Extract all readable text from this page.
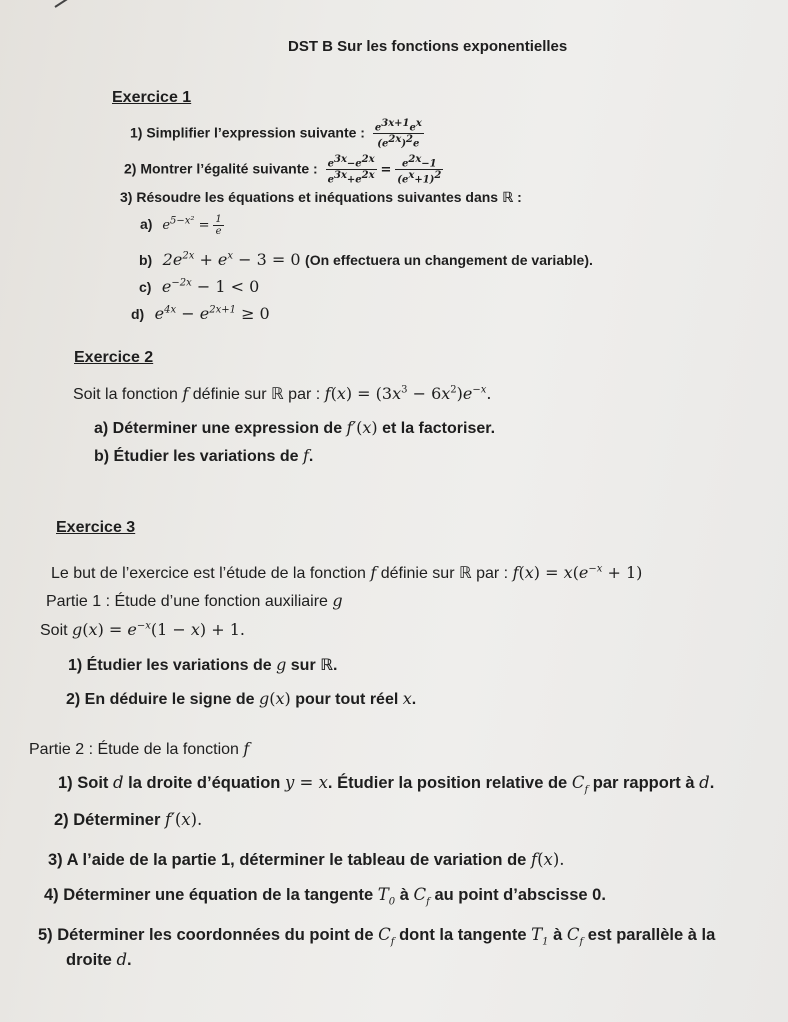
DST B Sur les fonctions exponentielles
Exercice 1
1) Simplifier l’expression suivante : $\frac{e^{3x+1}e^x}{(e^{2x})^2e}$
2) Montrer l’égalité suivante : $\frac{e^{3x}-e^{2x}}{e^{3x}+e^{2x}} = \frac{e^{2x}-1}{(e^x+1)^2}$
3) Résoudre les équations et inéquations suivantes dans ℝ :
a) $e^{5-x^2} = \frac{1}{e}$
b) $2e^{2x} + e^x - 3 = 0$ (On effectuera un changement de variable).
c) $e^{-2x} - 1 < 0$
d) $e^{4x} - e^{2x+1} \ge 0$
Exercice 2
Soit la fonction f définie sur ℝ par : $f(x) = (3x^3 - 6x^2)e^{-x}$.
a) Déterminer une expression de f′(x) et la factoriser.
b) Étudier les variations de f.
Exercice 3
Le but de l’exercice est l’étude de la fonction f définie sur ℝ par : $f(x) = x(e^{-x} + 1)$
Partie 1 : Étude d’une fonction auxiliaire g
Soit $g(x) = e^{-x}(1 - x) + 1$.
1) Étudier les variations de g sur ℝ.
2) En déduire le signe de g(x) pour tout réel x.
Partie 2 : Étude de la fonction f
1) Soit d la droite d’équation y = x. Étudier la position relative de $C_f$ par rapport à d.
2) Déterminer f′(x).
3) A l’aide de la partie 1, déterminer le tableau de variation de f(x).
4) Déterminer une équation de la tangente $T_0$ à $C_f$ au point d’abscisse 0.
5) Déterminer les coordonnées du point de $C_f$ dont la tangente $T_1$ à $C_f$ est parallèle à la
droite d.
